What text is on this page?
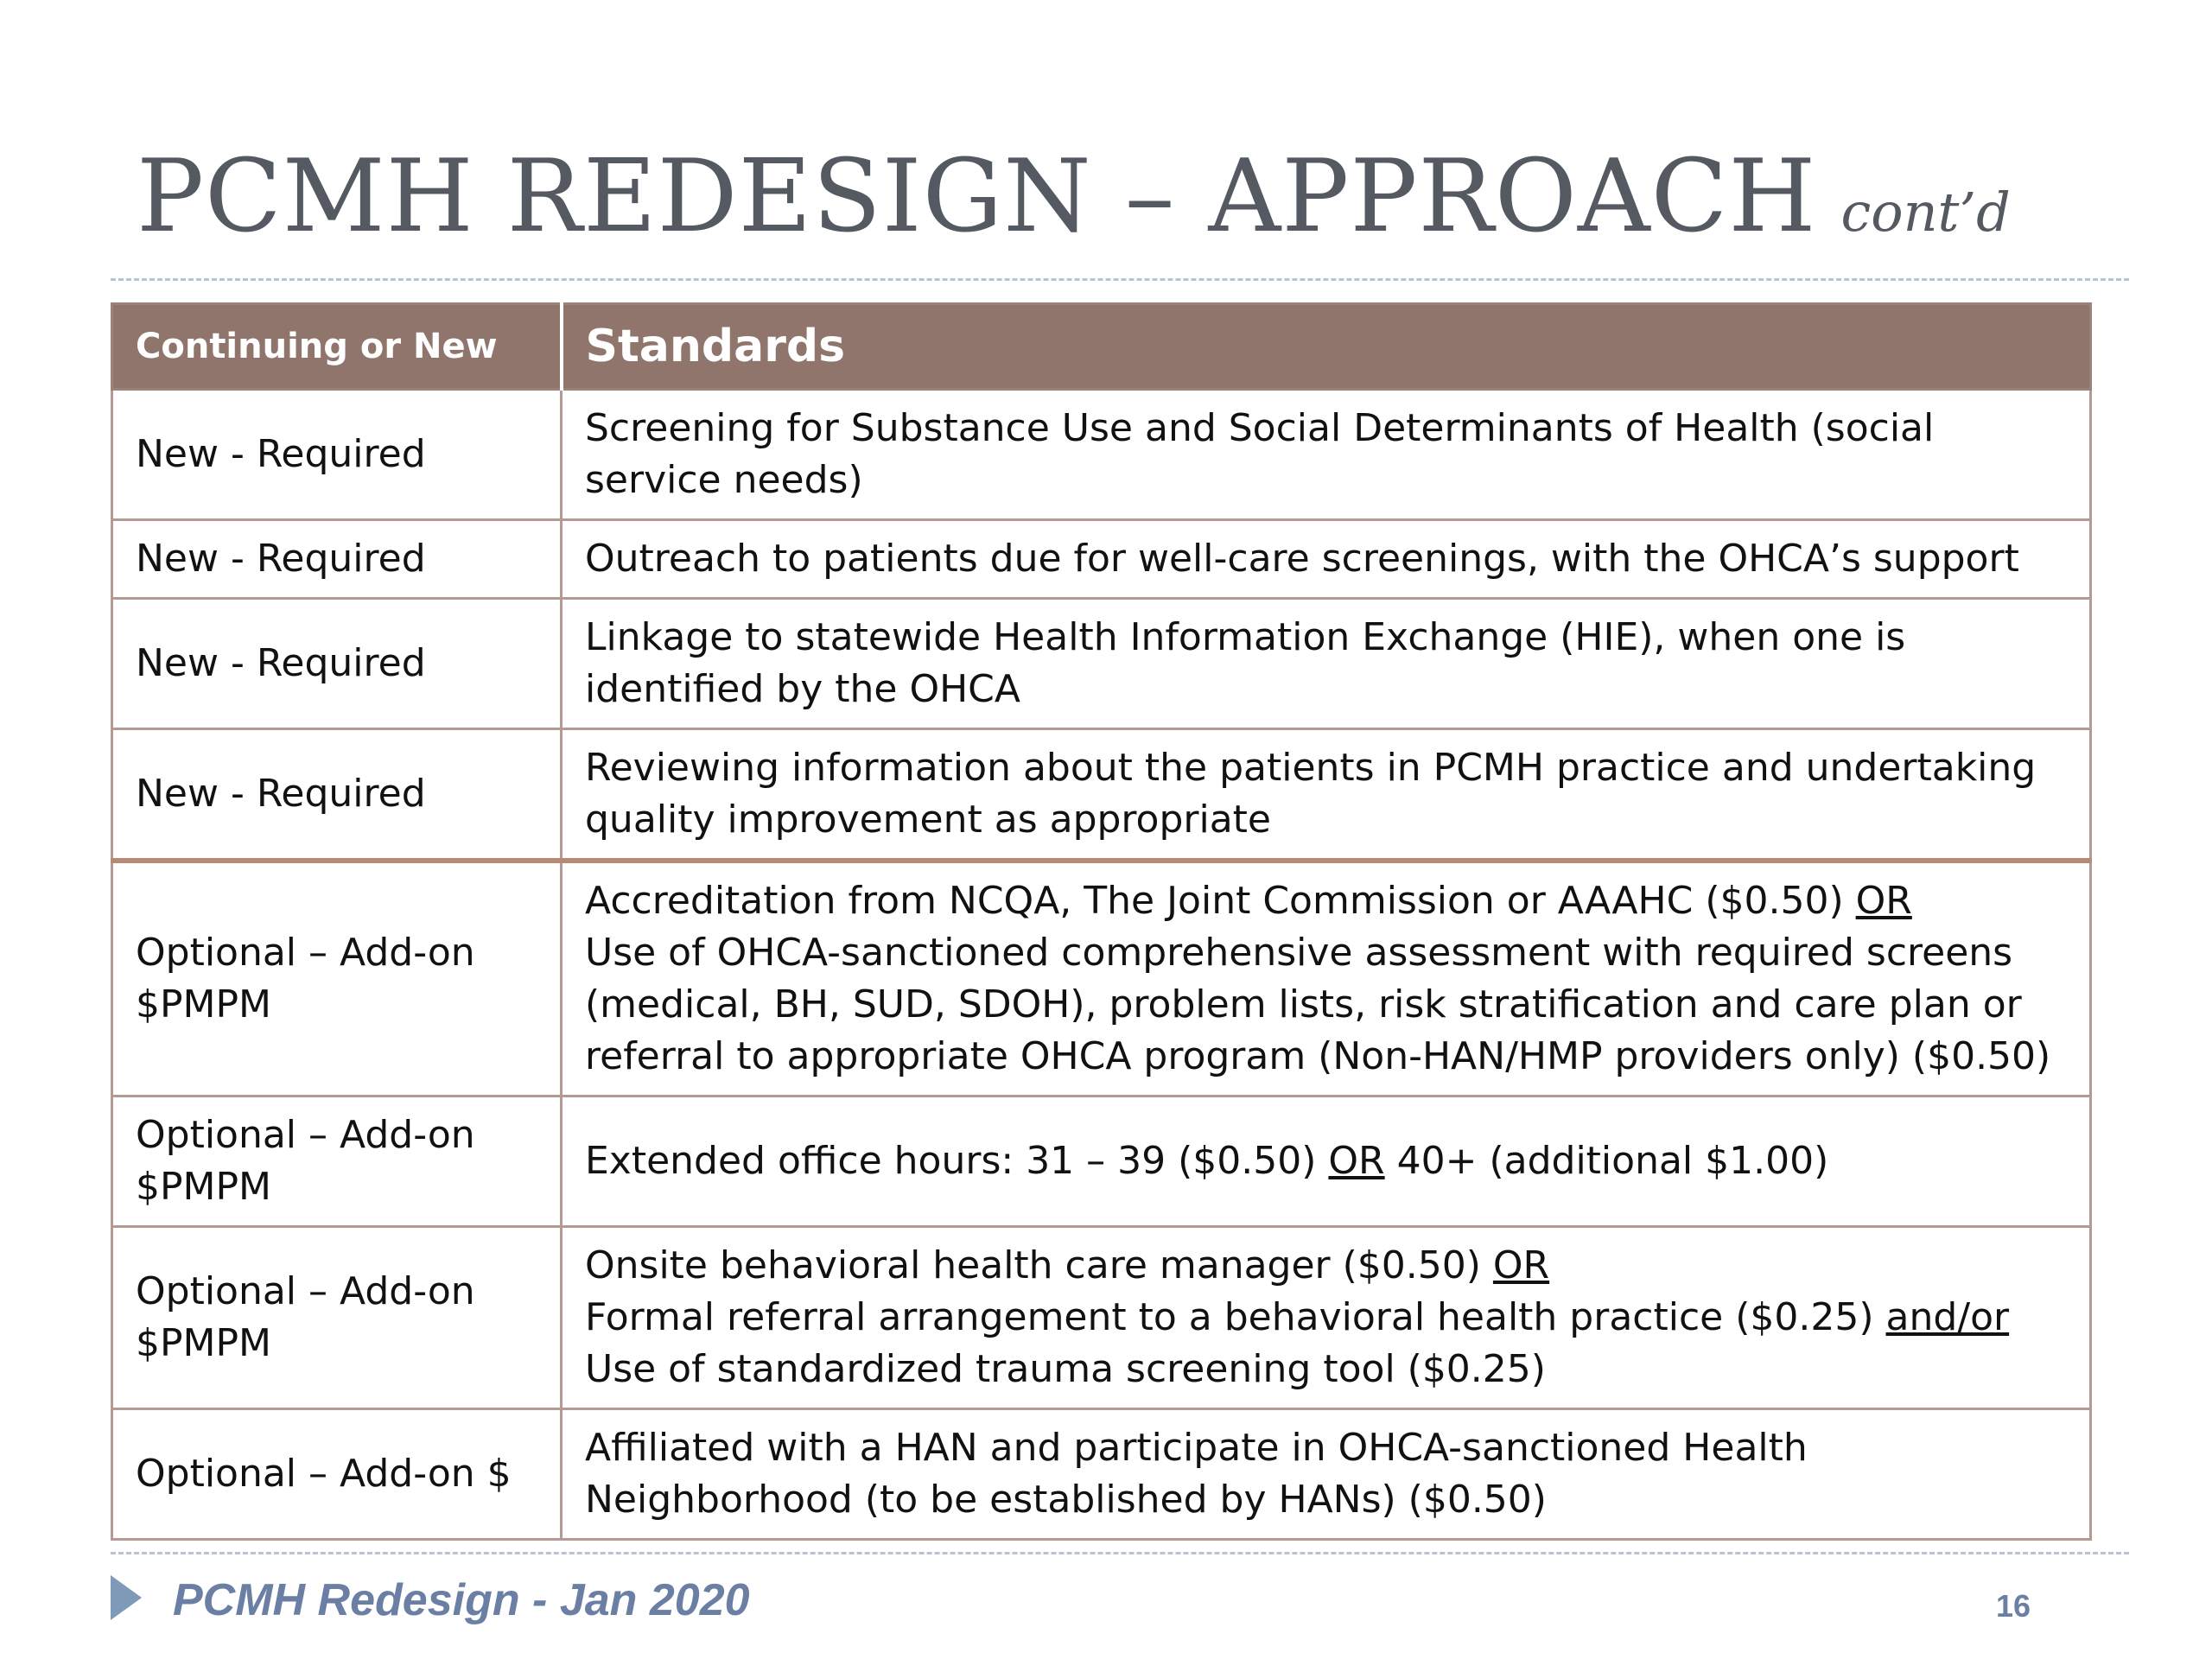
PCMH REDESIGN – APPROACH cont’d
Continuing or New	Standards
New - Required	Screening for Substance Use and Social Determinants of Health (social service needs)

New - Required	Outreach to patients due for well-care screenings, with the OHCA’s support

New - Required	Linkage to statewide Health Information Exchange (HIE), when one is identified by the OHCA

New - Required	Reviewing information about the patients in PCMH practice and undertaking quality improvement as appropriate

Optional – Add-on $PMPM	Accreditation from NCQA, The Joint Commission or AAAHC ($0.50) OR
Use of OHCA-sanctioned comprehensive assessment with required screens (medical, BH, SUD, SDOH), problem lists, risk stratification and care plan or referral to appropriate OHCA program (Non-HAN/HMP providers only) ($0.50)

Optional – Add-on $PMPM	Extended office hours: 31 – 39 ($0.50) OR 40+ (additional $1.00)

Optional – Add-on $PMPM	Onsite behavioral health care manager ($0.50) OR
Formal referral arrangement to a behavioral health practice ($0.25) and/or Use of standardized trauma screening tool ($0.25)

Optional – Add-on $	Affiliated with a HAN and participate in OHCA-sanctioned Health Neighborhood (to be established by HANs) ($0.50)
PCMH Redesign - Jan 2020	16
